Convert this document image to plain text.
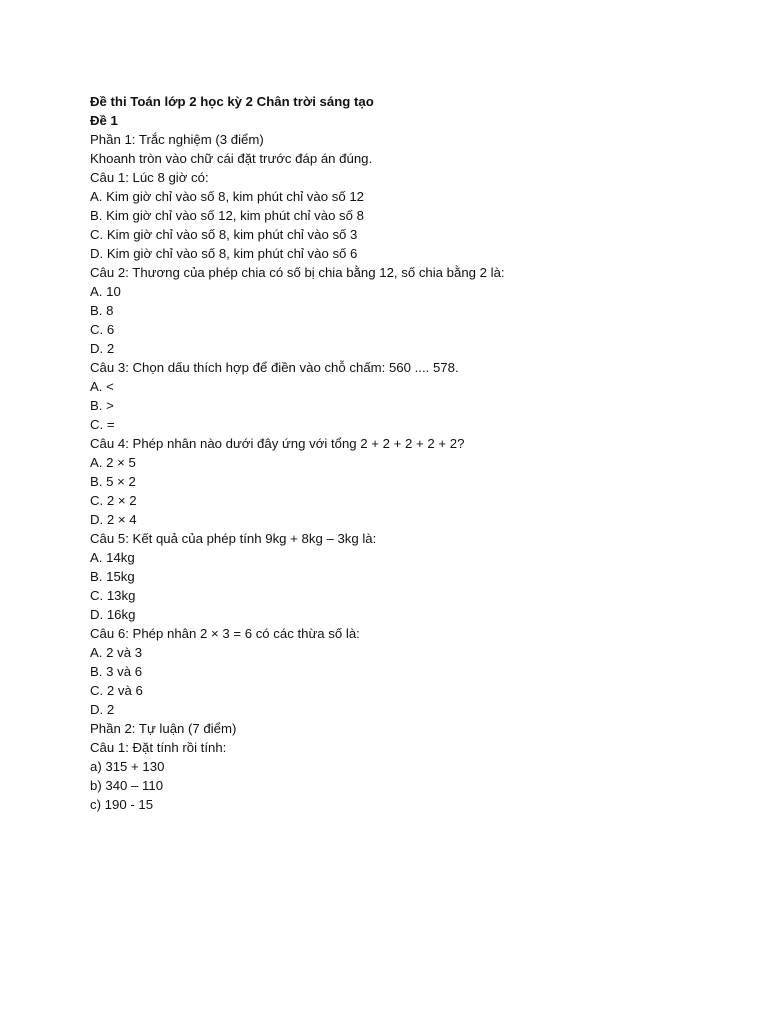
Đề thi Toán lớp 2 học kỳ 2 Chân trời sáng tạo
Đề 1
Phần 1: Trắc nghiệm (3 điểm)
Khoanh tròn vào chữ cái đặt trước đáp án đúng.
Câu 1: Lúc 8 giờ có:
A. Kim giờ chỉ vào số 8, kim phút chỉ vào số 12
B. Kim giờ chỉ vào số 12, kim phút chỉ vào số 8
C. Kim giờ chỉ vào số 8, kim phút chỉ vào số 3
D. Kim giờ chỉ vào số 8, kim phút chỉ vào số 6
Câu 2: Thương của phép chia có số bị chia bằng 12, số chia bằng 2 là:
A. 10
B. 8
C. 6
D. 2
Câu 3: Chọn dấu thích hợp để điền vào chỗ chấm: 560 .... 578.
A. <
B. >
C. =
Câu 4: Phép nhân nào dưới đây ứng với tổng 2 + 2 + 2 + 2 + 2?
A. 2 × 5
B. 5 × 2
C. 2 × 2
D. 2 × 4
Câu 5: Kết quả của phép tính 9kg + 8kg – 3kg là:
A. 14kg
B. 15kg
C. 13kg
D. 16kg
Câu 6: Phép nhân 2 × 3 = 6 có các thừa số là:
A. 2 và 3
B. 3 và 6
C. 2 và 6
D. 2
Phần 2: Tự luận (7 điểm)
Câu 1: Đặt tính rồi tính:
a) 315 + 130
b) 340 – 110
c) 190 - 15
